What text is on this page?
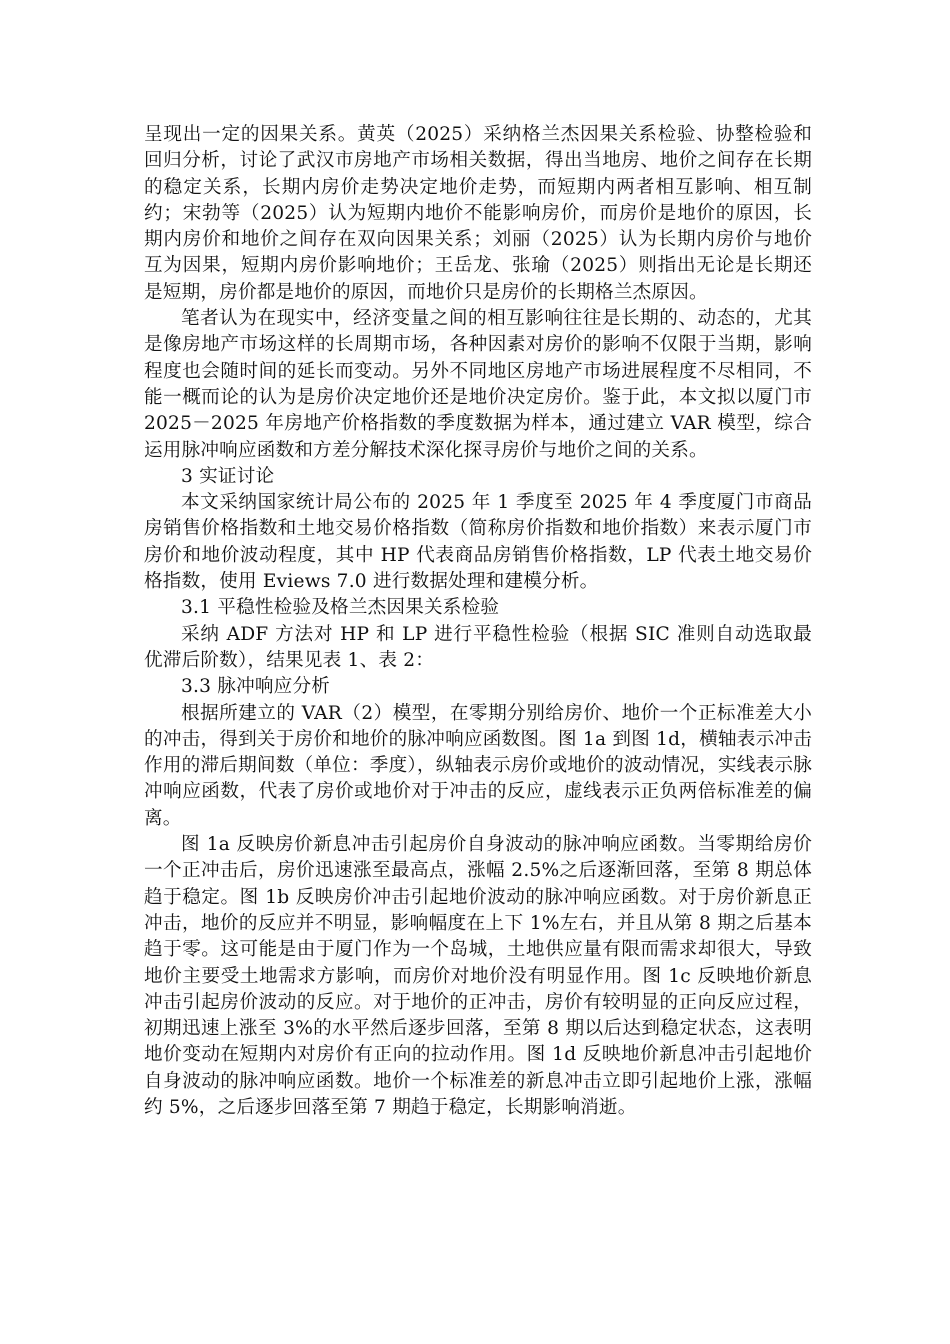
呈现出一定的因果关系。黄英（2025）采纳格兰杰因果关系检验、协整检验和回归分析，讨论了武汉市房地产市场相关数据，得出当地房、地价之间存在长期的稳定关系，长期内房价走势决定地价走势，而短期内两者相互影响、相互制约；宋勃等（2025）认为短期内地价不能影响房价，而房价是地价的原因，长期内房价和地价之间存在双向因果关系；刘丽（2025）认为长期内房价与地价互为因果，短期内房价影响地价；王岳龙、张瑜（2025）则指出无论是长期还是短期，房价都是地价的原因，而地价只是房价的长期格兰杰原因。

笔者认为在现实中，经济变量之间的相互影响往往是长期的、动态的，尤其是像房地产市场这样的长周期市场，各种因素对房价的影响不仅限于当期，影响程度也会随时间的延长而变动。另外不同地区房地产市场进展程度不尽相同，不能一概而论的认为是房价决定地价还是地价决定房价。鉴于此，本文拟以厦门市 2025－2025 年房地产价格指数的季度数据为样本，通过建立 VAR 模型，综合运用脉冲响应函数和方差分解技术深化探寻房价与地价之间的关系。

3 实证讨论

本文采纳国家统计局公布的 2025 年 1 季度至 2025 年 4 季度厦门市商品房销售价格指数和土地交易价格指数（简称房价指数和地价指数）来表示厦门市房价和地价波动程度，其中 HP 代表商品房销售价格指数，LP 代表土地交易价格指数，使用 Eviews 7.0 进行数据处理和建模分析。

3.1 平稳性检验及格兰杰因果关系检验

采纳 ADF 方法对 HP 和 LP 进行平稳性检验（根据 SIC 准则自动选取最优滞后阶数），结果见表 1、表 2：

3.3 脉冲响应分析

根据所建立的 VAR（2）模型，在零期分别给房价、地价一个正标准差大小的冲击，得到关于房价和地价的脉冲响应函数图。图 1a 到图 1d，横轴表示冲击作用的滞后期间数（单位：季度），纵轴表示房价或地价的波动情况，实线表示脉冲响应函数，代表了房价或地价对于冲击的反应，虚线表示正负两倍标准差的偏离。

图 1a 反映房价新息冲击引起房价自身波动的脉冲响应函数。当零期给房价一个正冲击后，房价迅速涨至最高点，涨幅 2.5%之后逐渐回落，至第 8 期总体趋于稳定。图 1b 反映房价冲击引起地价波动的脉冲响应函数。对于房价新息正冲击，地价的反应并不明显，影响幅度在上下 1%左右，并且从第 8 期之后基本趋于零。这可能是由于厦门作为一个岛城，土地供应量有限而需求却很大，导致地价主要受土地需求方影响，而房价对地价没有明显作用。图 1c 反映地价新息冲击引起房价波动的反应。对于地价的正冲击，房价有较明显的正向反应过程，初期迅速上涨至 3%的水平然后逐步回落，至第 8 期以后达到稳定状态，这表明地价变动在短期内对房价有正向的拉动作用。图 1d 反映地价新息冲击引起地价自身波动的脉冲响应函数。地价一个标准差的新息冲击立即引起地价上涨，涨幅约 5%，之后逐步回落至第 7 期趋于稳定，长期影响消逝。
